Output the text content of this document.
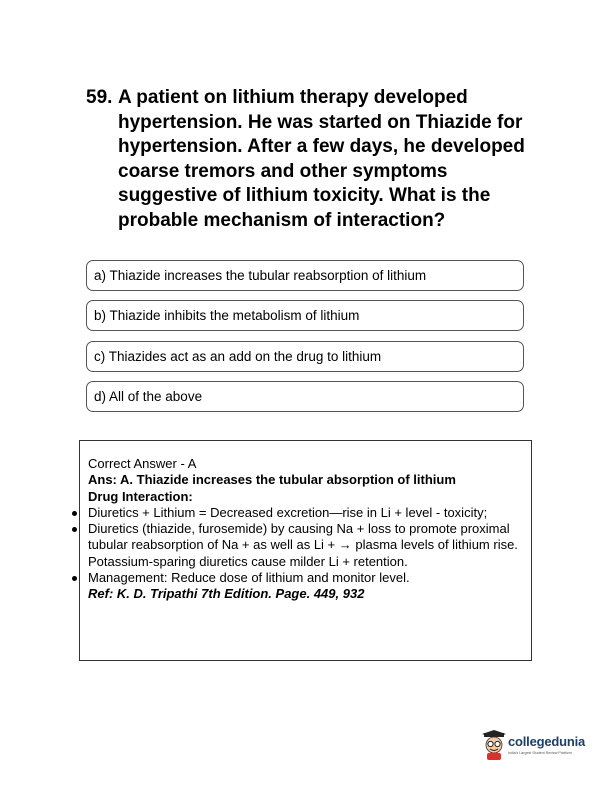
59. A patient on lithium therapy developed hypertension. He was started on Thiazide for hypertension. After a few days, he developed coarse tremors and other symptoms suggestive of lithium toxicity. What is the probable mechanism of interaction?
a) Thiazide increases the tubular reabsorption of lithium
b) Thiazide inhibits the metabolism of lithium
c) Thiazides act as an add on the drug to lithium
d) All of the above
Correct Answer - A
Ans: A. Thiazide increases the tubular absorption of lithium
Drug Interaction:
Diuretics + Lithium = Decreased excretion—rise in Li + level - toxicity;
Diuretics (thiazide, furosemide) by causing Na + loss to promote proximal tubular reabsorption of Na + as well as Li + → plasma levels of lithium rise. Potassium-sparing diuretics cause milder Li + retention.
Management: Reduce dose of lithium and monitor level.
Ref: K. D. Tripathi 7th Edition. Page. 449, 932
collegedunia
India's Largest Student Review Platform
